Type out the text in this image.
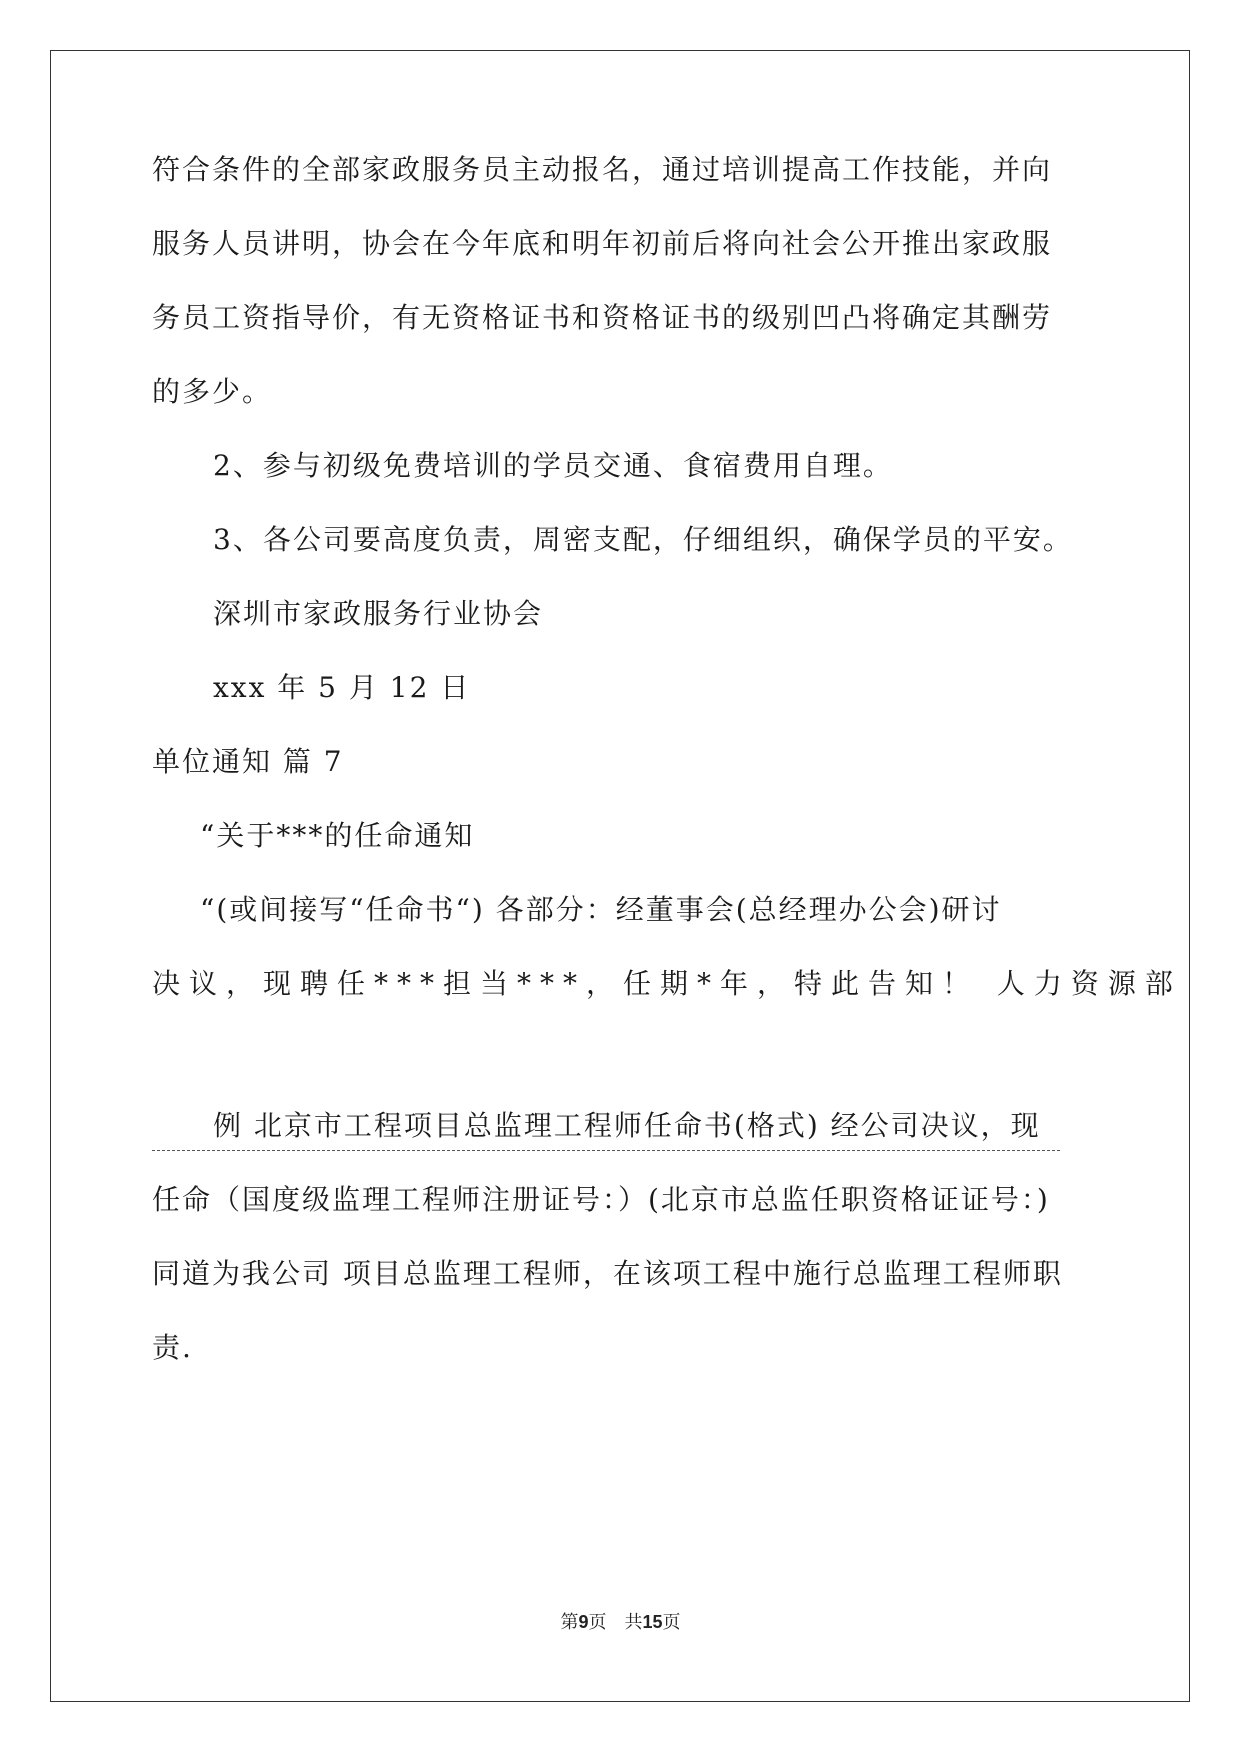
符合条件的全部家政服务员主动报名，通过培训提高工作技能，并向
服务人员讲明，协会在今年底和明年初前后将向社会公开推出家政服
务员工资指导价，有无资格证书和资格证书的级别凹凸将确定其酬劳
的多少。
2、参与初级免费培训的学员交通、食宿费用自理。
3、各公司要高度负责，周密支配，仔细组织，确保学员的平安。
深圳市家政服务行业协会
xxx 年 5 月 12 日
单位通知 篇 7
“关于***的任命通知
“(或间接写“任命书“) 各部分：经董事会(总经理办公会)研讨
决议，现聘任***担当***，任期*年，特此告知！ 人力资源部
例 北京市工程项目总监理工程师任命书(格式) 经公司决议，现
任命（国度级监理工程师注册证号：）(北京市总监任职资格证证号：)
同道为我公司 项目总监理工程师，在该项工程中施行总监理工程师职
责.
第9页　共15页
